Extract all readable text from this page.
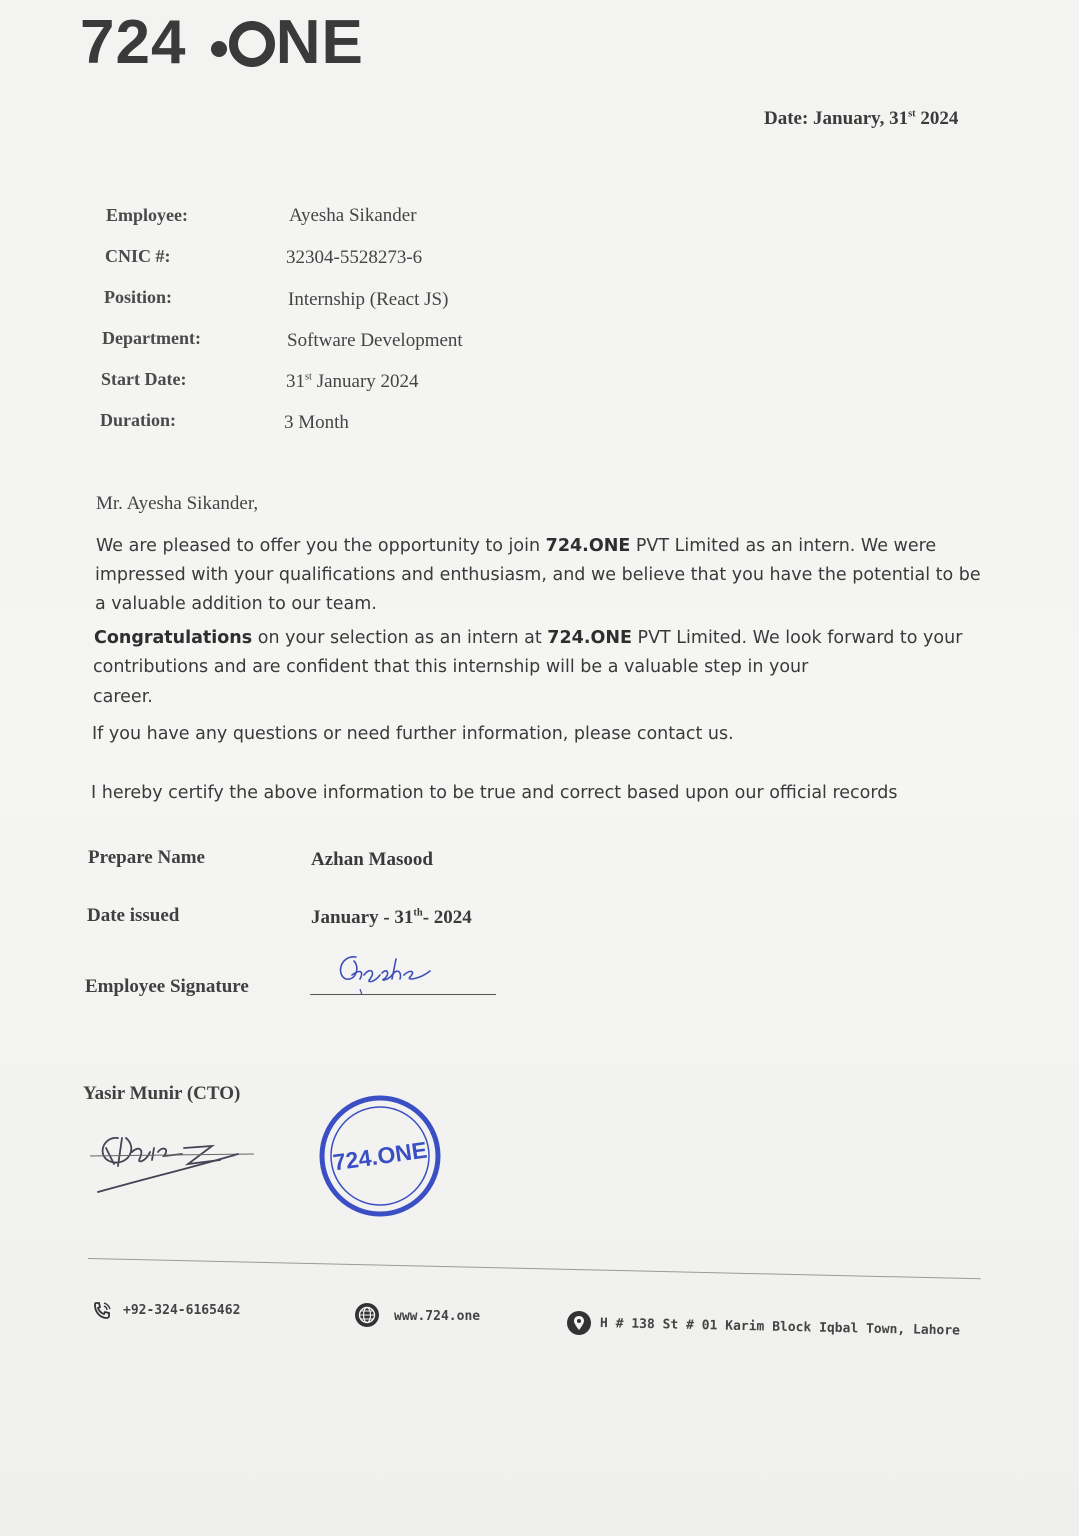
724 NE
Date: January, 31st 2024
Employee:	Ayesha Sikander
CNIC #:	32304-5528273-6
Position:	Internship (React JS)
Department:	Software Development
Start Date:	31st January 2024
Duration:	3 Month
Mr. Ayesha Sikander,
We are pleased to offer you the opportunity to join 724.ONE PVT Limited as an intern. We were
impressed with your qualifications and enthusiasm, and we believe that you have the potential to be
a valuable addition to our team.
Congratulations on your selection as an intern at 724.ONE PVT Limited. We look forward to your
contributions and are confident that this internship will be a valuable step in your
career.
If you have any questions or need further information, please contact us.
I hereby certify the above information to be true and correct based upon our official records
Prepare Name	Azhan Masood
Date issued	January - 31th- 2024
Employee Signature
Yasir Munir (CTO)
724.ONE
+92-324-6165462	www.724.one	H # 138 St # 01 Karim Block Iqbal Town, Lahore
